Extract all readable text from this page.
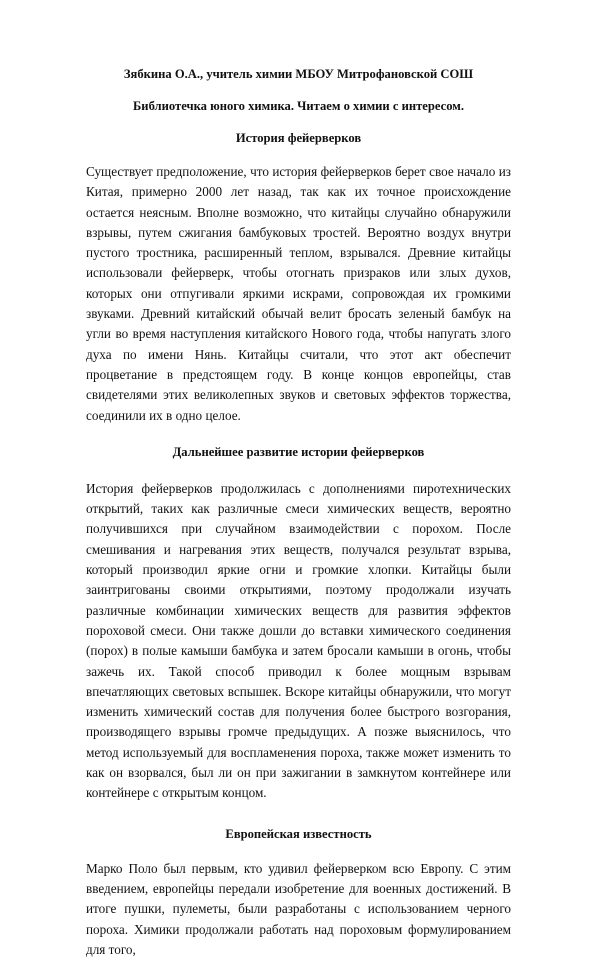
Зябкина О.А., учитель химии МБОУ Митрофановской СОШ

Библиотечка юного химика. Читаем о химии с интересом.

История фейерверков

Существует предположение, что история фейерверков берет свое начало из Китая, примерно 2000 лет назад, так как их точное происхождение остается неясным. Вполне возможно, что китайцы случайно обнаружили взрывы, путем сжигания бамбуковых тростей. Вероятно воздух внутри пустого тростника, расширенный теплом, взрывался. Древние китайцы использовали фейерверк, чтобы отогнать призраков или злых духов, которых они отпугивали яркими искрами, сопровождая их громкими звуками. Древний китайский обычай велит бросать зеленый бамбук на угли во время наступления китайского Нового года, чтобы напугать злого духа по имени Нянь. Китайцы считали, что этот акт обеспечит процветание в предстоящем году. В конце концов европейцы, став свидетелями этих великолепных звуков и световых эффектов торжества, соединили их в одно целое.

Дальнейшее развитие истории фейерверков

История фейерверков продолжилась с дополнениями пиротехнических открытий, таких как различные смеси химических веществ, вероятно получившихся при случайном взаимодействии с порохом. После смешивания и нагревания этих веществ, получался результат взрыва, который производил яркие огни и громкие хлопки. Китайцы были заинтригованы своими открытиями, поэтому продолжали изучать различные комбинации химических веществ для развития эффектов пороховой смеси. Они также дошли до вставки химического соединения (порох) в полые камыши бамбука и затем бросали камыши в огонь, чтобы зажечь их. Такой способ приводил к более мощным взрывам впечатляющих световых вспышек. Вскоре китайцы обнаружили, что могут изменить химический состав для получения более быстрого возгорания, производящего взрывы громче предыдущих. А позже выяснилось, что метод используемый для воспламенения пороха, также может изменить то как он взорвался, был ли он при зажигании в замкнутом контейнере или контейнере с открытым концом.

Европейская известность

Марко Поло был первым, кто удивил фейерверком всю Европу. С этим введением, европейцы передали изобретение для военных достижений. В итоге пушки, пулеметы, были разработаны с использованием черного пороха. Химики продолжали работать над пороховым формулированием для того,
